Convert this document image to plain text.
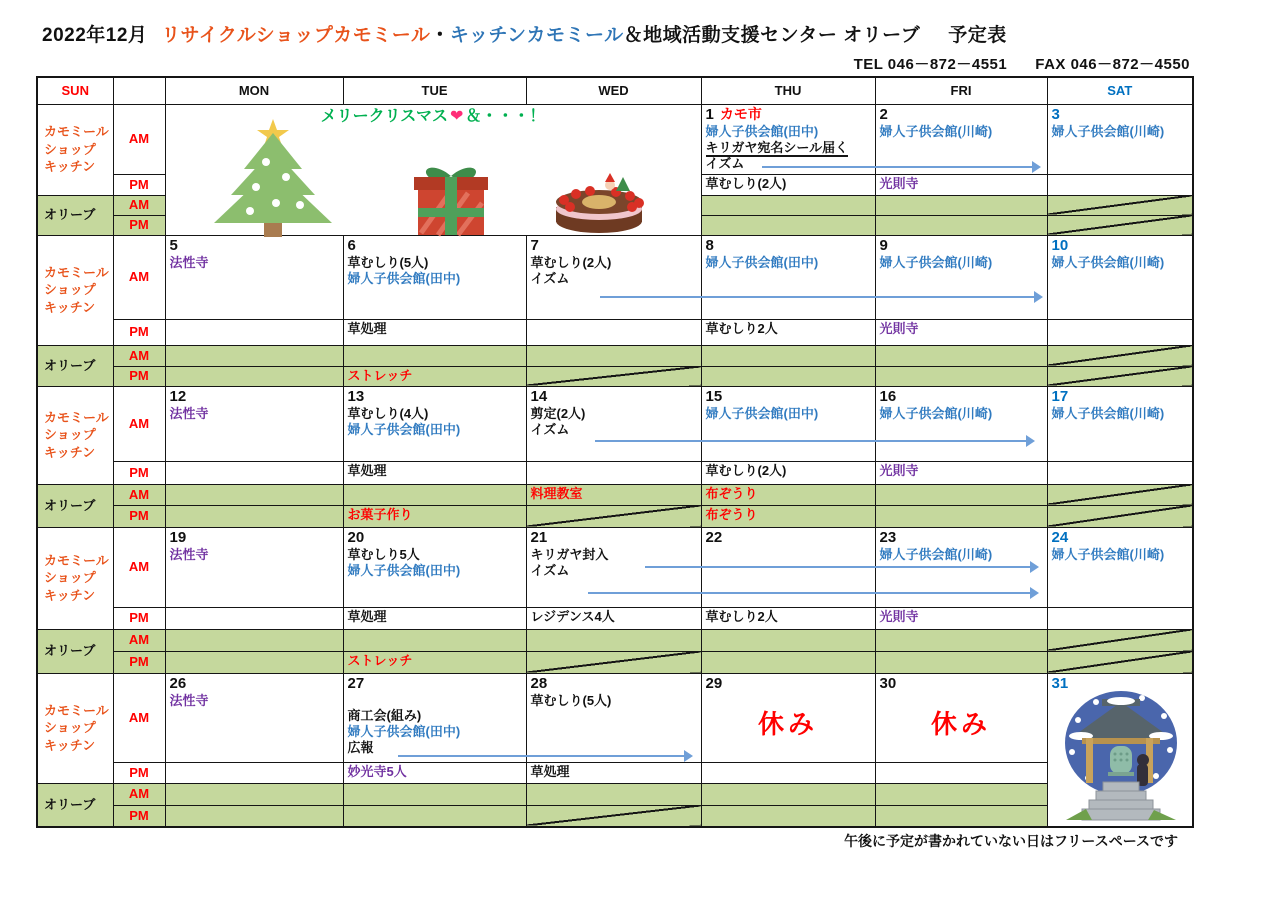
2022年12月 リサイクルショップカモミール・キッチンカモミール＆地域活動支援センター オリーブ 予定表
TEL 046－872－4551 FAX 046－872－4550
SUN		MON	TUE	WED	THU	FRI	SAT

カモミール
ショップ
キッチン	AM	メリークリスマス ❤ ＆・・・！			1 カモ市
婦人子供会館(田中)
キリガヤ宛名シール届く
イズム	2
婦人子供会館(川崎)	3
婦人子供会館(川崎)

	PM				草むしり(2人)	光則寺	

オリーブ	AM						
	PM						

カモミール
ショップ
キッチン	AM	5
法性寺	6
草むしり(5人)
婦人子供会館(田中)	7
草むしり(2人)
イズム	8
婦人子供会館(田中)	9
婦人子供会館(川崎)	10
婦人子供会館(川崎)

	PM		草処理		草むしり2人	光則寺	

オリーブ	AM						
	PM		ストレッチ				

カモミール
ショップ
キッチン	AM	12
法性寺	13
草むしり(4人)
婦人子供会館(田中)	14
剪定(2人)
イズム	15
婦人子供会館(田中)	16
婦人子供会館(川崎)	17
婦人子供会館(川崎)

	PM		草処理		草むしり(2人)	光則寺	

オリーブ	AM			料理教室	布ぞうり		

	PM		お菓子作り		布ぞうり		

カモミール
ショップ
キッチン	AM	19
法性寺	20
草むしり5人
婦人子供会館(田中)	21
キリガヤ封入
イズム	22	23
婦人子供会館(川崎)	24
婦人子供会館(川崎)

	PM		草処理	レジデンス4人	草むしり2人	光則寺	

オリーブ	AM						
	PM		ストレッチ				

カモミール
ショップ
キッチン	AM	26
法性寺	27
商工会(組み)
婦人子供会館(田中)
広報	28
草むしり(5人)	29
休み	30
休み	31

	PM		妙光寺5人	草処理			

オリーブ	AM						
	PM						
午後に予定が書かれていない日はフリースペースです
